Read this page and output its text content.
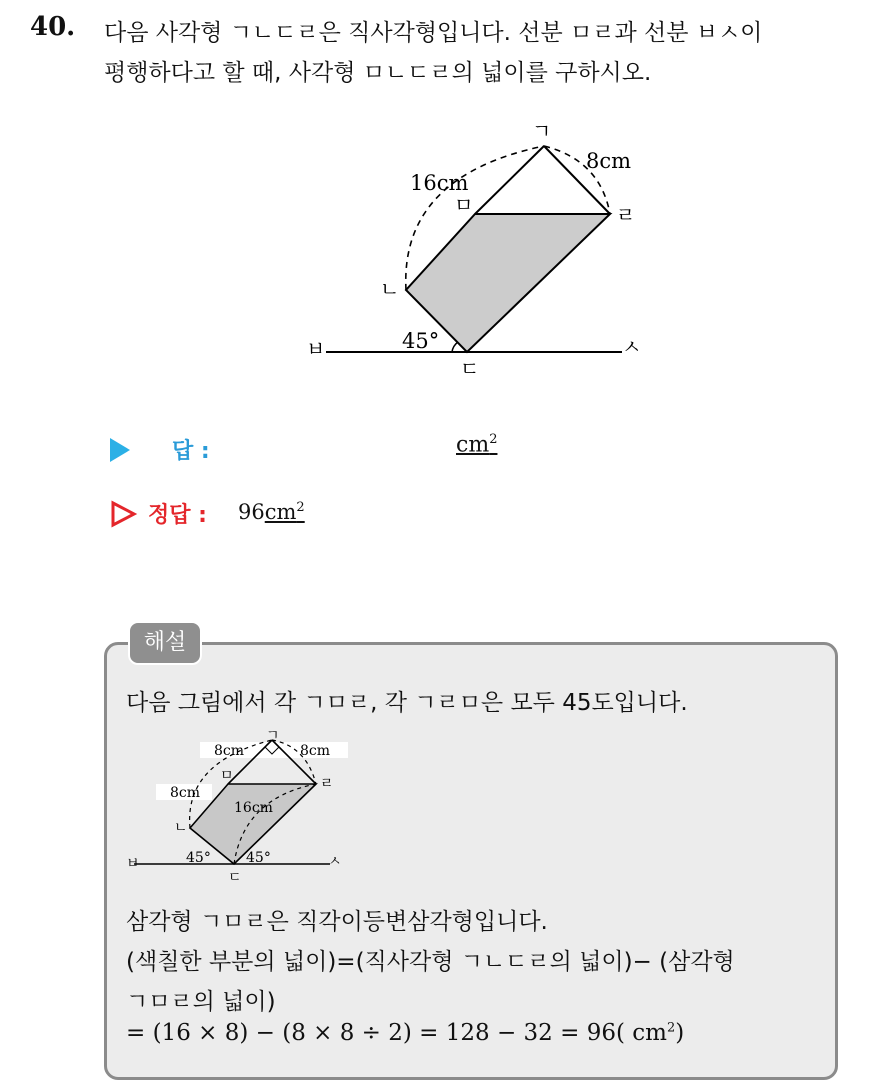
40. 다음 사각형 ㄱㄴㄷㄹ은 직사각형입니다. 선분 ㅁㄹ과 선분 ㅂㅅ이
평행하다고 할 때, 사각형 ㅁㄴㄷㄹ의 넓이를 구하시오.
ㄱ
ㄴ
ㄷ
ㄹ
ㅁ
ㅂ	ㅅ
16cm
8cm
45°
답 :	$cm^2$
정답 : $96cm^2$
해설
다음 그림에서 각 ㄱㅁㄹ, 각 ㄱㄹㅁ은 모두 45도입니다.
ㄱ
ㄴ
ㄷ
ㄹ
ㅁ
ㅂ	ㅅ
8cm	8cm
8cm
16cm
45°	45°
삼각형 ㄱㅁㄹ은 직각이등변삼각형입니다.
(색칠한 부분의 넓이)=(직사각형 ㄱㄴㄷㄹ의 넓이)− (삼각형
ㄱㅁㄹ의 넓이)
= (16 × 8) − (8 × 8 ÷ 2) = 128 − 32 = 96( $cm^2$)
